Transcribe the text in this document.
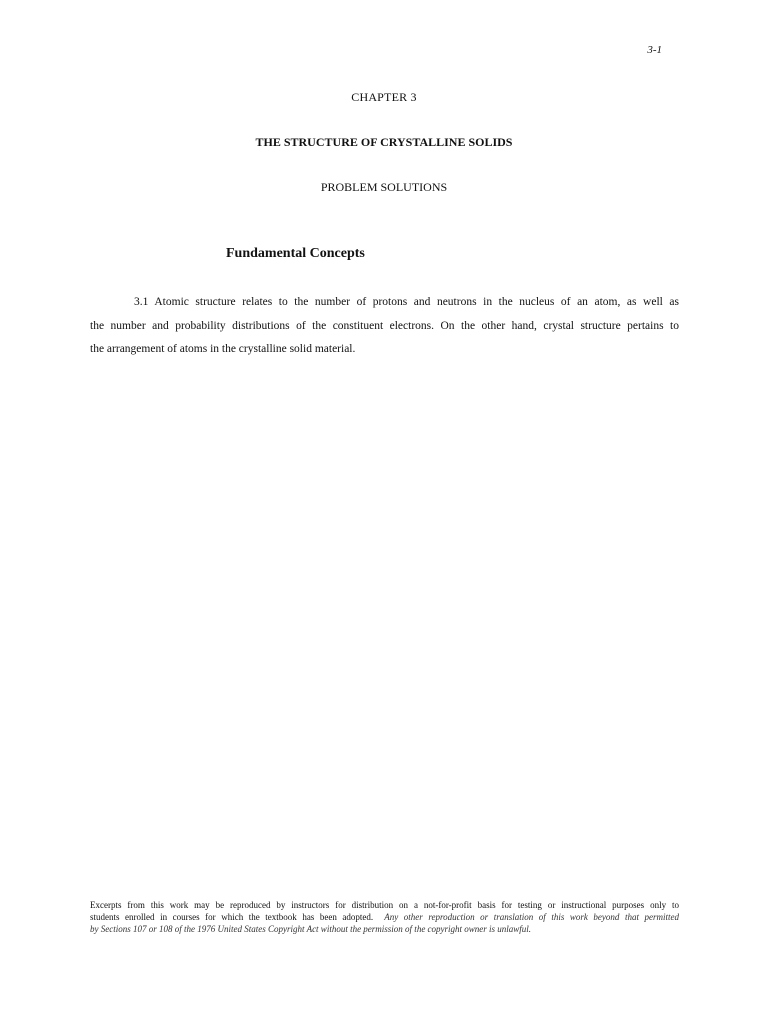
3-1
CHAPTER 3
THE STRUCTURE OF CRYSTALLINE SOLIDS
PROBLEM SOLUTIONS
Fundamental Concepts
3.1 Atomic structure relates to the number of protons and neutrons in the nucleus of an atom, as well as
the number and probability distributions of the constituent electrons. On the other hand, crystal structure pertains to
the arrangement of atoms in the crystalline solid material.
Excerpts from this work may be reproduced by instructors for distribution on a not-for-profit basis for testing or instructional purposes only to
students enrolled in courses for which the textbook has been adopted. Any other reproduction or translation of this work beyond that permitted
by Sections 107 or 108 of the 1976 United States Copyright Act without the permission of the copyright owner is unlawful.
